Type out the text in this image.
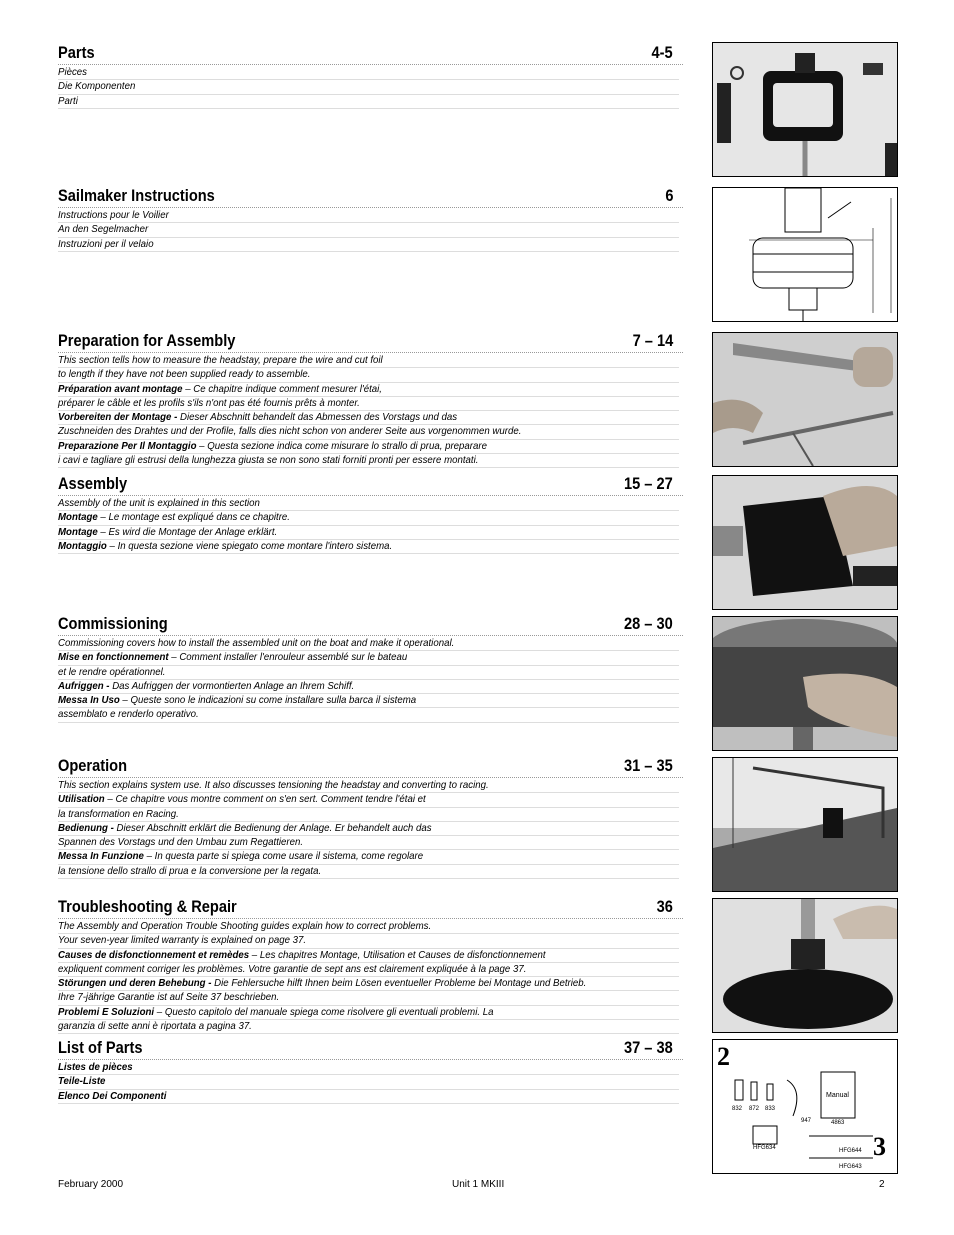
Parts	4-5
Pièces
Die Komponenten
Parti
Sailmaker Instructions	6
Instructions pour le Voilier
An den Segelmacher
Instruzioni per il velaio
Preparation for Assembly	7 – 14
This section tells how to measure the headstay, prepare the wire and cut foil
to length if they have not been supplied ready to assemble.
Préparation avant montage – Ce chapitre indique comment mesurer l'étai,
préparer le câble et les profils s'ils n'ont pas été fournis prêts à monter.
Vorbereiten der Montage - Dieser Abschnitt behandelt das Abmessen des Vorstags und das
Zuschneiden des Drahtes und der Profile, falls dies nicht schon von anderer Seite aus vorgenommen wurde.
Preparazione Per Il Montaggio – Questa sezione indica come misurare lo strallo di prua, preparare
i cavi e tagliare gli estrusi della lunghezza giusta se non sono stati forniti pronti per essere montati.
Assembly	15 – 27
Assembly of the unit is explained in this section
Montage – Le montage est expliqué dans ce chapitre.
Montage – Es wird die Montage der Anlage erklärt.
Montaggio – In questa sezione viene spiegato come montare l'intero sistema.
Commissioning	28 – 30
Commissioning covers how to install the assembled unit on the boat and make it operational.
Mise en fonctionnement – Comment installer l'enrouleur assemblé sur le bateau
et le rendre opérationnel.
Aufriggen - Das Aufriggen der vormontierten Anlage an Ihrem Schiff.
Messa In Uso – Queste sono le indicazioni su come installare sulla barca il sistema
assemblato e renderlo operativo.
Operation	31 – 35
This section explains system use. It also discusses tensioning the headstay and converting to racing.
Utilisation – Ce chapitre vous montre comment on s'en sert. Comment tendre l'étai et
la transformation en Racing.
Bedienung - Dieser Abschnitt erklärt die Bedienung der Anlage. Er behandelt auch das
Spannen des Vorstags und den Umbau zum Regattieren.
Messa In Funzione – In questa parte si spiega come usare il sistema, come regolare
la tensione dello strallo di prua e la conversione per la regata.
Troubleshooting & Repair	36
The Assembly and Operation Trouble Shooting guides explain how to correct problems.
Your seven-year limited warranty is explained on page 37.
Causes de disfonctionnement et remèdes – Les chapitres Montage, Utilisation et Causes de disfonctionnement
expliquent comment corriger les problèmes. Votre garantie de sept ans est clairement expliquée à la page 37.
Störungen und deren Behebung - Die Fehlersuche hilft Ihnen beim Lösen eventueller Probleme bei Montage und Betrieb.
Ihre 7-jährige Garantie ist auf Seite 37 beschrieben.
Problemi E Soluzioni – Questo capitolo del manuale spiega come risolvere gli eventuali problemi. La
garanzia di sette anni è riportata a pagina 37.
List of Parts	37 – 38
Listes de pièces
Teile-Liste
Elenco Dei Componenti
2
3
Manual
832 872 833
947	4863
HFG634	HFG644
HFG643
February 2000	Unit 1 MKIII	2
